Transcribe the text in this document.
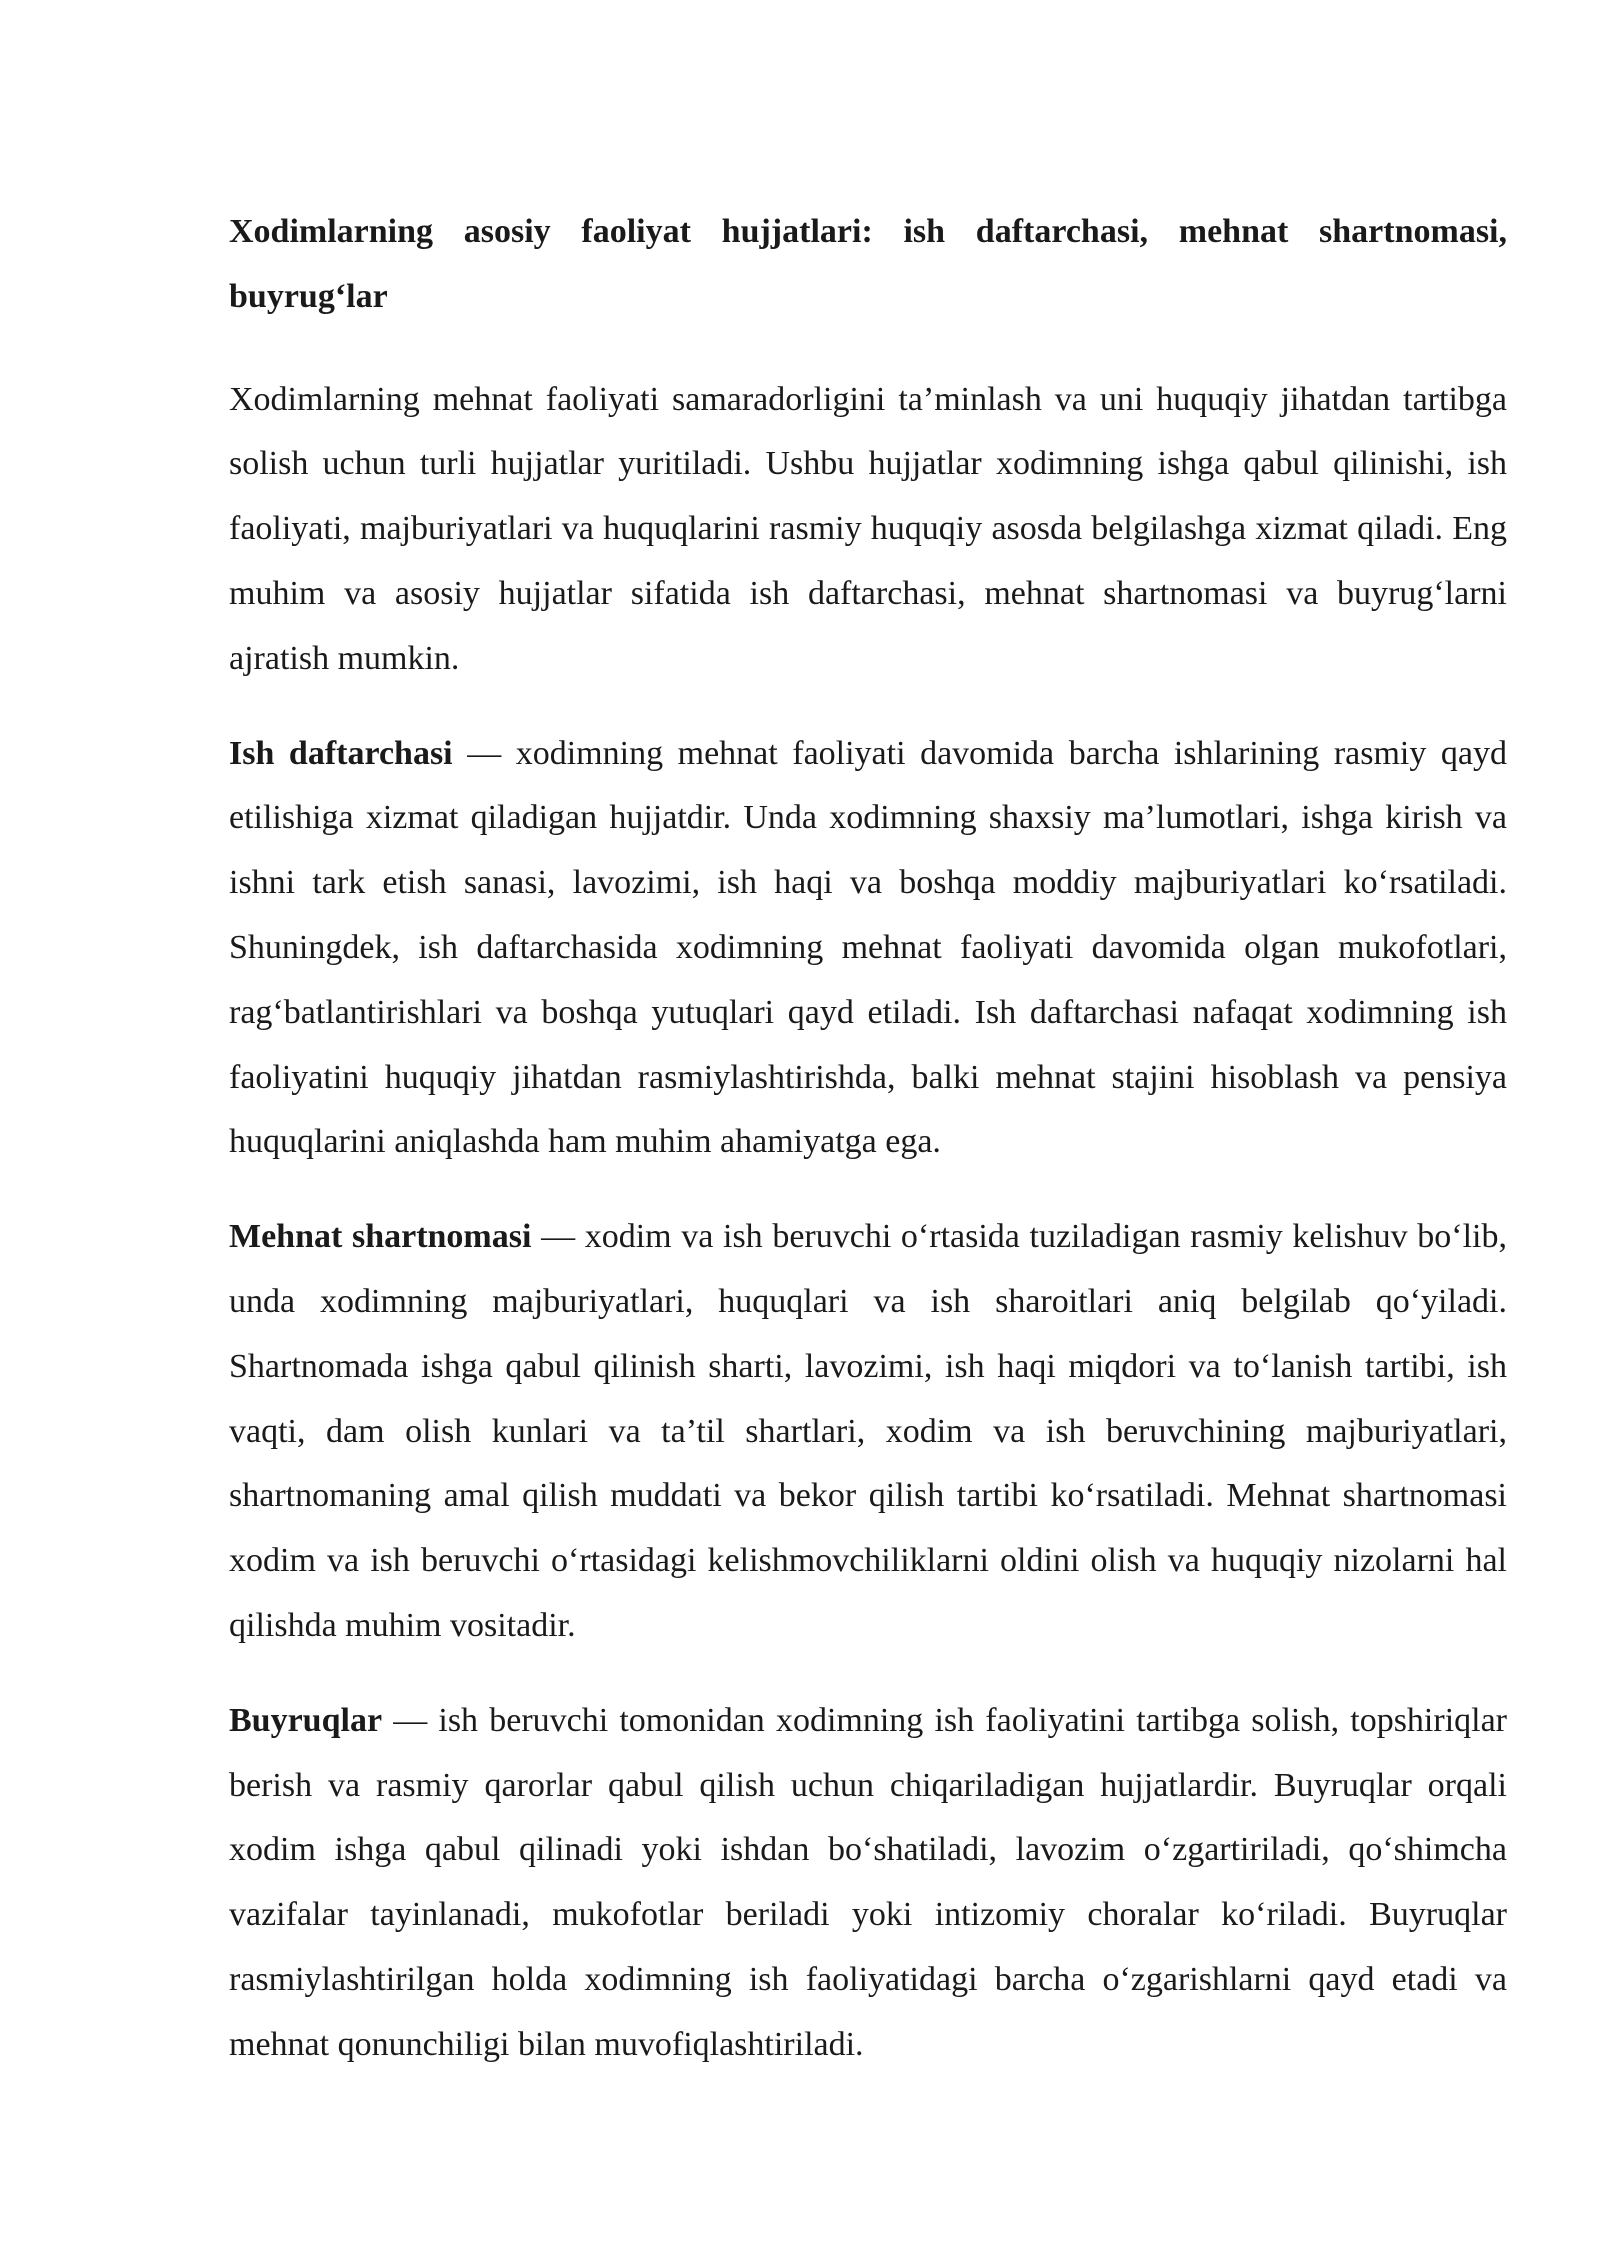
Xodimlarning asosiy faoliyat hujjatlari: ish daftarchasi, mehnat shartnomasi, buyrug‘lar

Xodimlarning mehnat faoliyati samaradorligini ta’minlash va uni huquqiy jihatdan tartibga solish uchun turli hujjatlar yuritiladi. Ushbu hujjatlar xodimning ishga qabul qilinishi, ish faoliyati, majburiyatlari va huquqlarini rasmiy huquqiy asosda belgilashga xizmat qiladi. Eng muhim va asosiy hujjatlar sifatida ish daftarchasi, mehnat shartnomasi va buyrug‘larni ajratish mumkin.

Ish daftarchasi — xodimning mehnat faoliyati davomida barcha ishlarining rasmiy qayd etilishiga xizmat qiladigan hujjatdir. Unda xodimning shaxsiy ma’lumotlari, ishga kirish va ishni tark etish sanasi, lavozimi, ish haqi va boshqa moddiy majburiyatlari ko‘rsatiladi. Shuningdek, ish daftarchasida xodimning mehnat faoliyati davomida olgan mukofotlari, rag‘batlantirishlari va boshqa yutuqlari qayd etiladi. Ish daftarchasi nafaqat xodimning ish faoliyatini huquqiy jihatdan rasmiylashtirishda, balki mehnat stajini hisoblash va pensiya huquqlarini aniqlashda ham muhim ahamiyatga ega.

Mehnat shartnomasi — xodim va ish beruvchi o‘rtasida tuziladigan rasmiy kelishuv bo‘lib, unda xodimning majburiyatlari, huquqlari va ish sharoitlari aniq belgilab qo‘yiladi. Shartnomada ishga qabul qilinish sharti, lavozimi, ish haqi miqdori va to‘lanish tartibi, ish vaqti, dam olish kunlari va ta’til shartlari, xodim va ish beruvchining majburiyatlari, shartnomaning amal qilish muddati va bekor qilish tartibi ko‘rsatiladi. Mehnat shartnomasi xodim va ish beruvchi o‘rtasidagi kelishmovchiliklarni oldini olish va huquqiy nizolarni hal qilishda muhim vositadir.

Buyruqlar — ish beruvchi tomonidan xodimning ish faoliyatini tartibga solish, topshiriqlar berish va rasmiy qarorlar qabul qilish uchun chiqariladigan hujjatlardir. Buyruqlar orqali xodim ishga qabul qilinadi yoki ishdan bo‘shatiladi, lavozim o‘zgartiriladi, qo‘shimcha vazifalar tayinlanadi, mukofotlar beriladi yoki intizomiy choralar ko‘riladi. Buyruqlar rasmiylashtirilgan holda xodimning ish faoliyatidagi barcha o‘zgarishlarni qayd etadi va mehnat qonunchiligi bilan muvofiqlashtiriladi.
